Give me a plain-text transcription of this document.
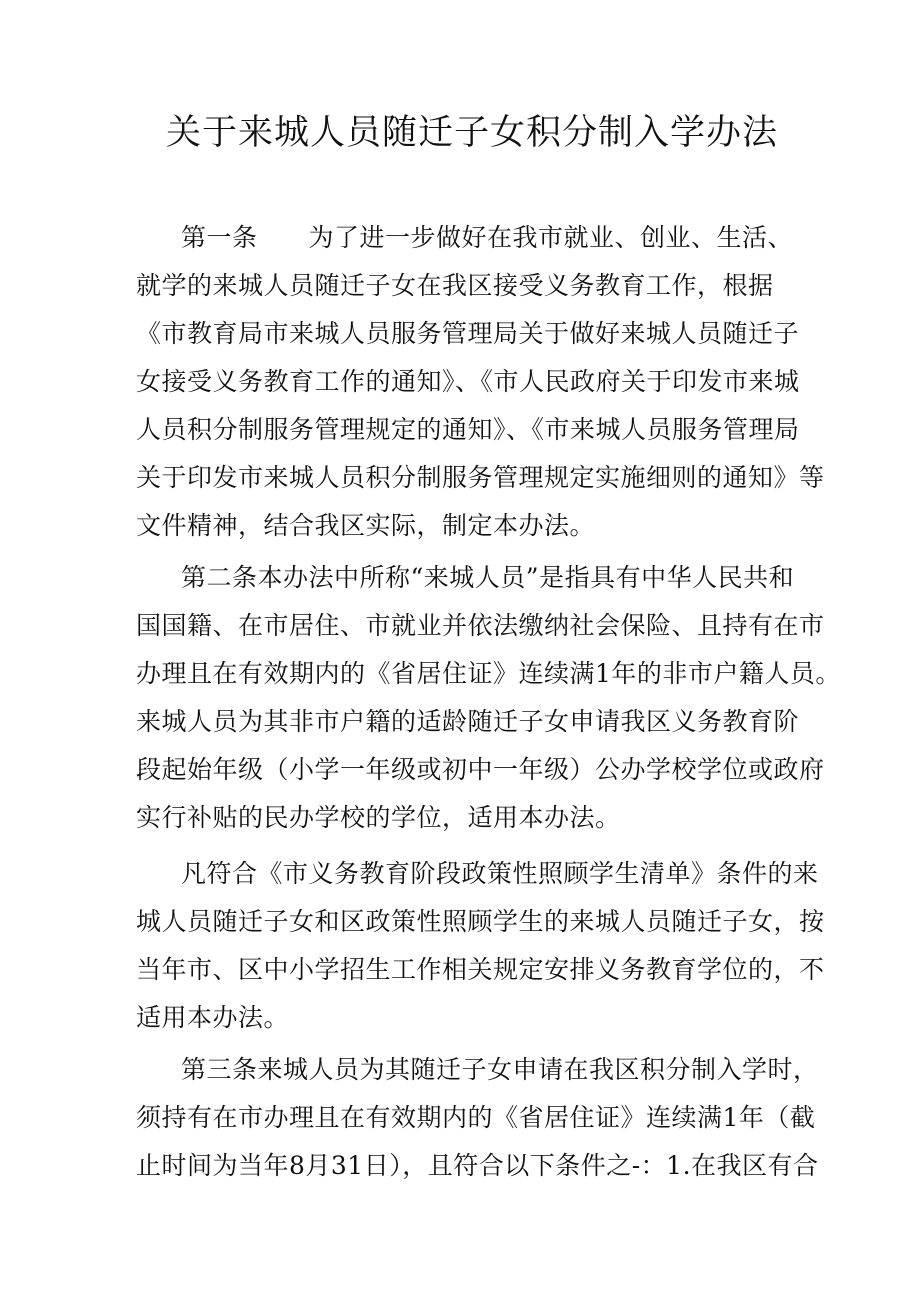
关于来城人员随迁子女积分制入学办法
第一条　　为了进一步做好在我市就业、创业、生活、
就学的来城人员随迁子女在我区接受义务教育工作，根据
《市教育局市来城人员服务管理局关于做好来城人员随迁子
女接受义务教育工作的通知》、《市人民政府关于印发市来城
人员积分制服务管理规定的通知》、《市来城人员服务管理局
关于印发市来城人员积分制服务管理规定实施细则的通知》等
文件精神，结合我区实际，制定本办法。
第二条本办法中所称“来城人员”是指具有中华人民共和
国国籍、在市居住、市就业并依法缴纳社会保险、且持有在市
办理且在有效期内的《省居住证》连续满1年的非市户籍人员。
来城人员为其非市户籍的适龄随迁子女申请我区义务教育阶
段起始年级（小学一年级或初中一年级）公办学校学位或政府
实行补贴的民办学校的学位，适用本办法。
凡符合《市义务教育阶段政策性照顾学生清单》条件的来
城人员随迁子女和区政策性照顾学生的来城人员随迁子女，按
当年市、区中小学招生工作相关规定安排义务教育学位的，不
适用本办法。
第三条来城人员为其随迁子女申请在我区积分制入学时，
须持有在市办理且在有效期内的《省居住证》连续满1年（截
止时间为当年8月31日），且符合以下条件之-：1.在我区有合
